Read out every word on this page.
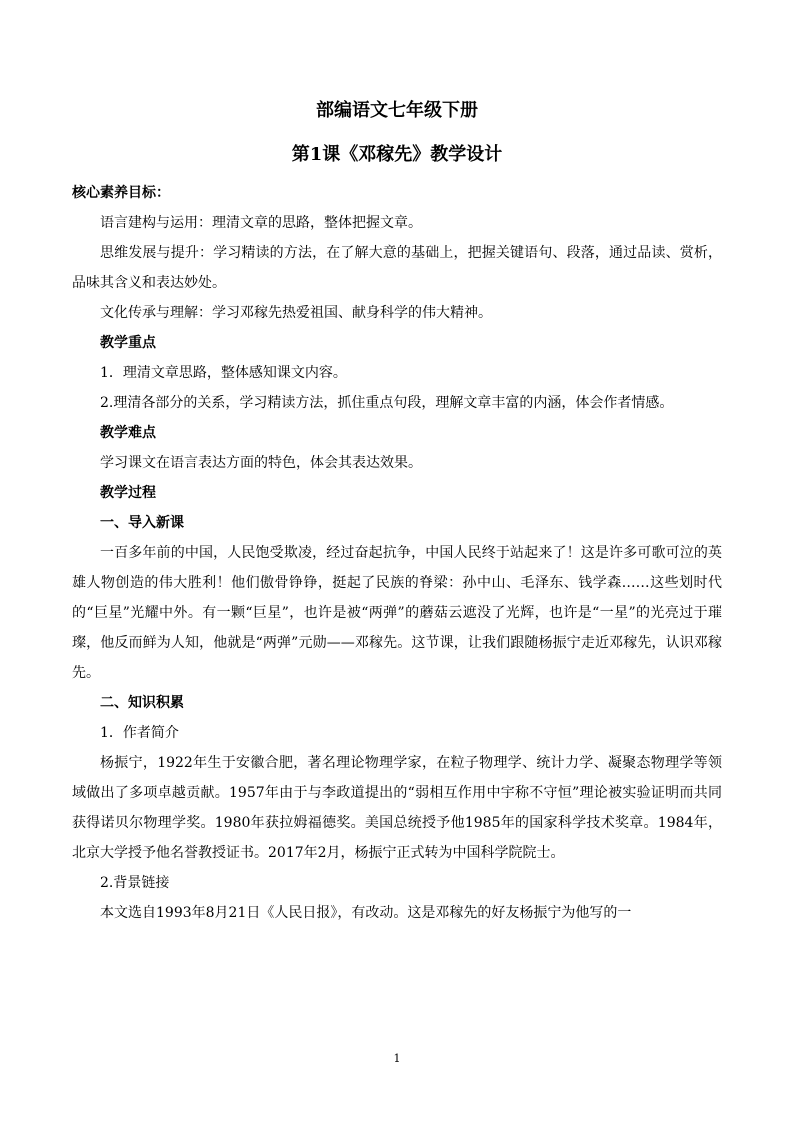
部编语文七年级下册
第1课《邓稼先》教学设计
核心素养目标：

语言建构与运用：理清文章的思路，整体把握文章。

思维发展与提升：学习精读的方法，在了解大意的基础上，把握关键语句、段落，通过品读、赏析，品味其含义和表达妙处。

文化传承与理解：学习邓稼先热爱祖国、献身科学的伟大精神。

教学重点

1．理清文章思路，整体感知课文内容。

2.理清各部分的关系，学习精读方法，抓住重点句段，理解文章丰富的内涵，体会作者情感。

教学难点

学习课文在语言表达方面的特色，体会其表达效果。

教学过程
一、导入新课

一百多年前的中国，人民饱受欺凌，经过奋起抗争，中国人民终于站起来了！这是许多可歌可泣的英雄人物创造的伟大胜利！他们傲骨铮铮，挺起了民族的脊梁：孙中山、毛泽东、钱学森……这些划时代的“巨星”光耀中外。有一颗“巨星”，也许是被“两弹”的蘑菇云遮没了光辉，也许是“一星”的光亮过于璀璨，他反而鲜为人知，他就是“两弹”元勋——邓稼先。这节课，让我们跟随杨振宁走近邓稼先，认识邓稼先。

二、知识积累

1．作者简介

杨振宁，1922年生于安徽合肥，著名理论物理学家，在粒子物理学、统计力学、凝聚态物理学等领域做出了多项卓越贡献。1957年由于与李政道提出的“弱相互作用中宇称不守恒”理论被实验证明而共同获得诺贝尔物理学奖。1980年获拉姆福德奖。美国总统授予他1985年的国家科学技术奖章。1984年，北京大学授予他名誉教授证书。2017年2月，杨振宁正式转为中国科学院院士。

2.背景链接

本文选自1993年8月21日《人民日报》，有改动。这是邓稼先的好友杨振宁为他写的一

1
